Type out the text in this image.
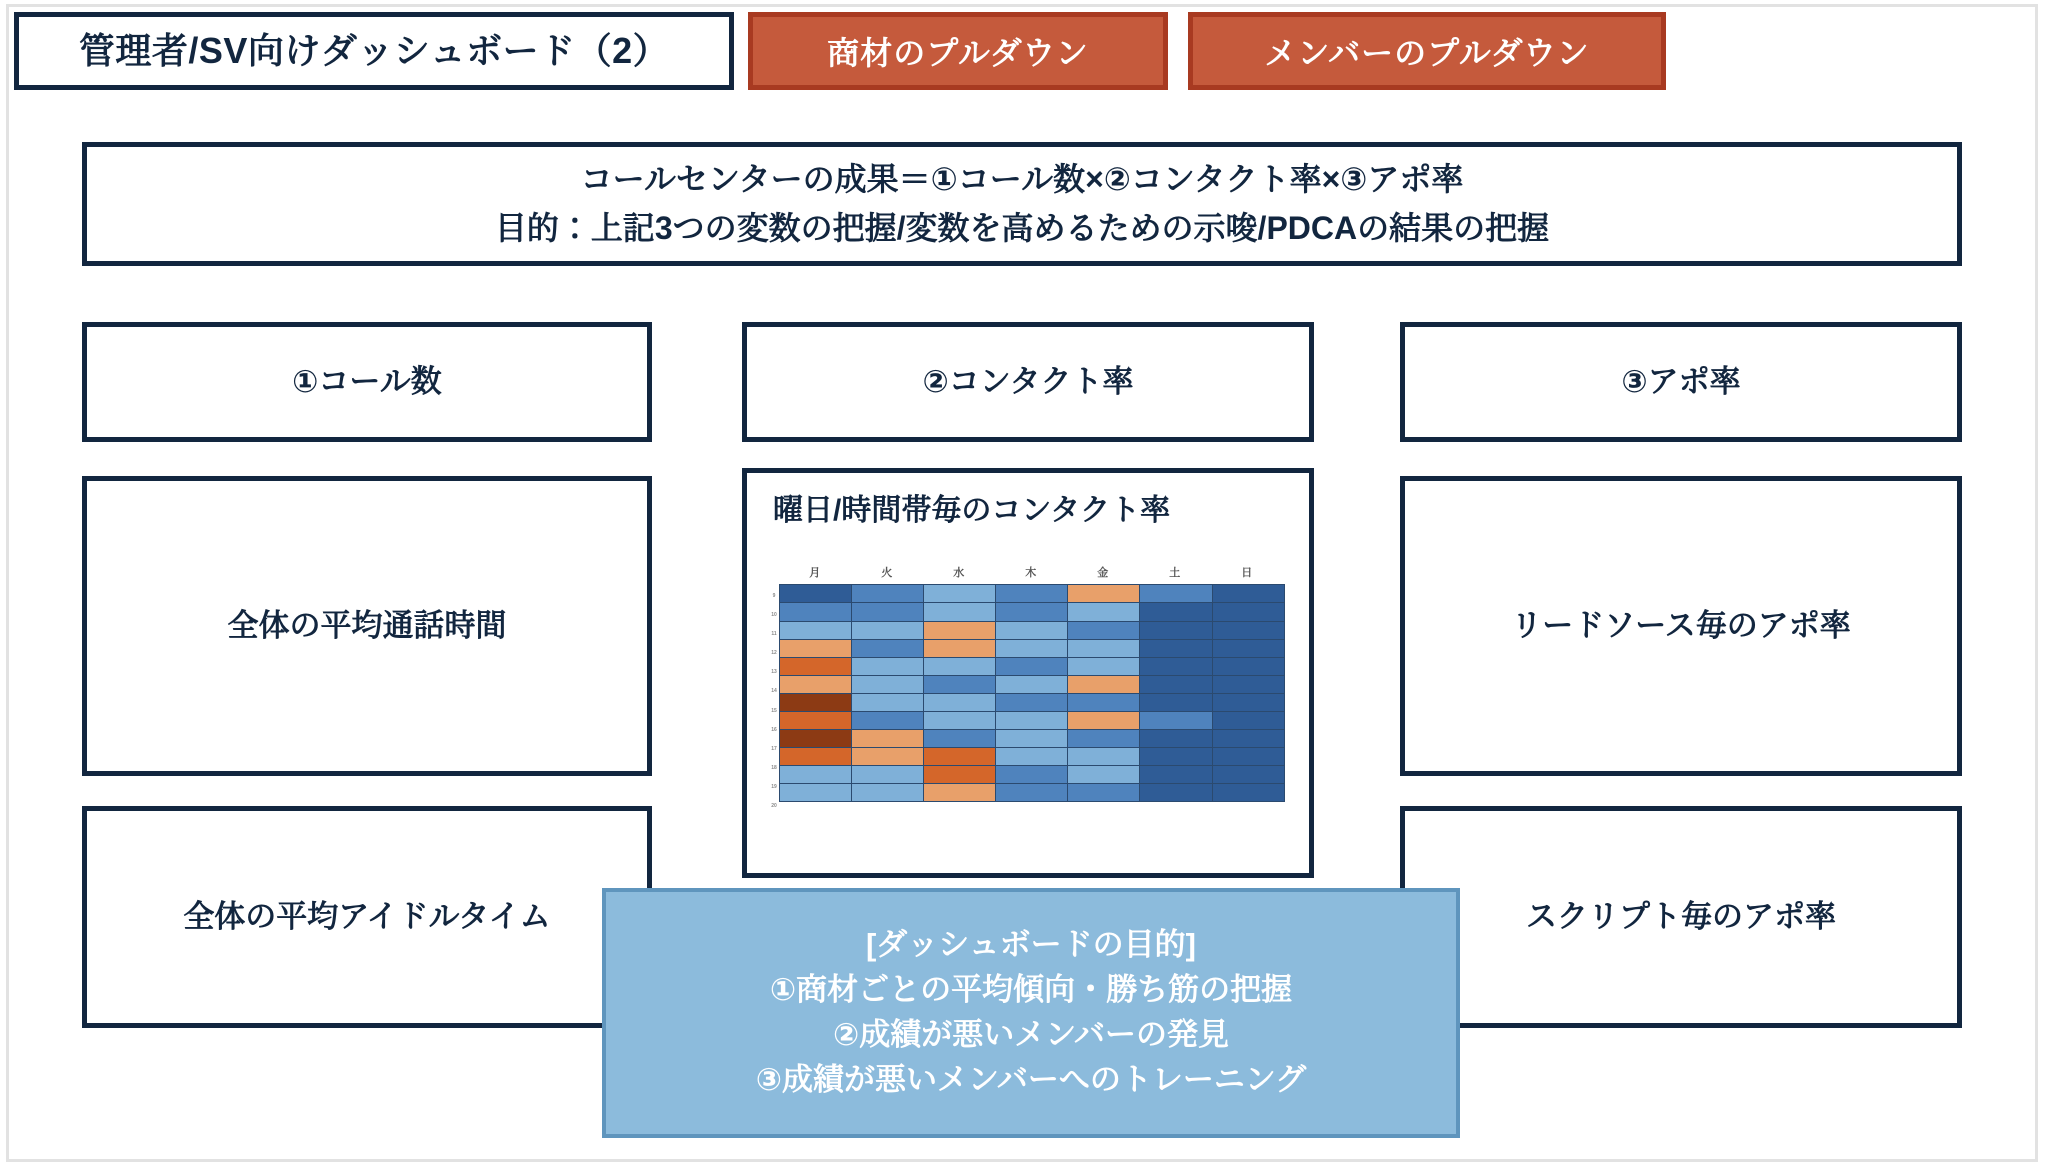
管理者/SV向けダッシュボード（2）	商材のプルダウン	メンバーのプルダウン
コールセンターの成果＝①コール数×②コンタクト率×③アポ率
目的：上記3つの変数の把握/変数を高めるための示唆/PDCAの結果の把握
①コール数	②コンタクト率	③アポ率
全体の平均通話時間
曜日/時間帯毎のコンタクト率
9
10
11
12
13
14
15
16
17
18
19
20
月	火	水	木	金	土	日
リードソース毎のアポ率
全体の平均アイドルタイム	スクリプト毎のアポ率
[ダッシュボードの目的]
①商材ごとの平均傾向・勝ち筋の把握
②成績が悪いメンバーの発見
③成績が悪いメンバーへのトレーニング
